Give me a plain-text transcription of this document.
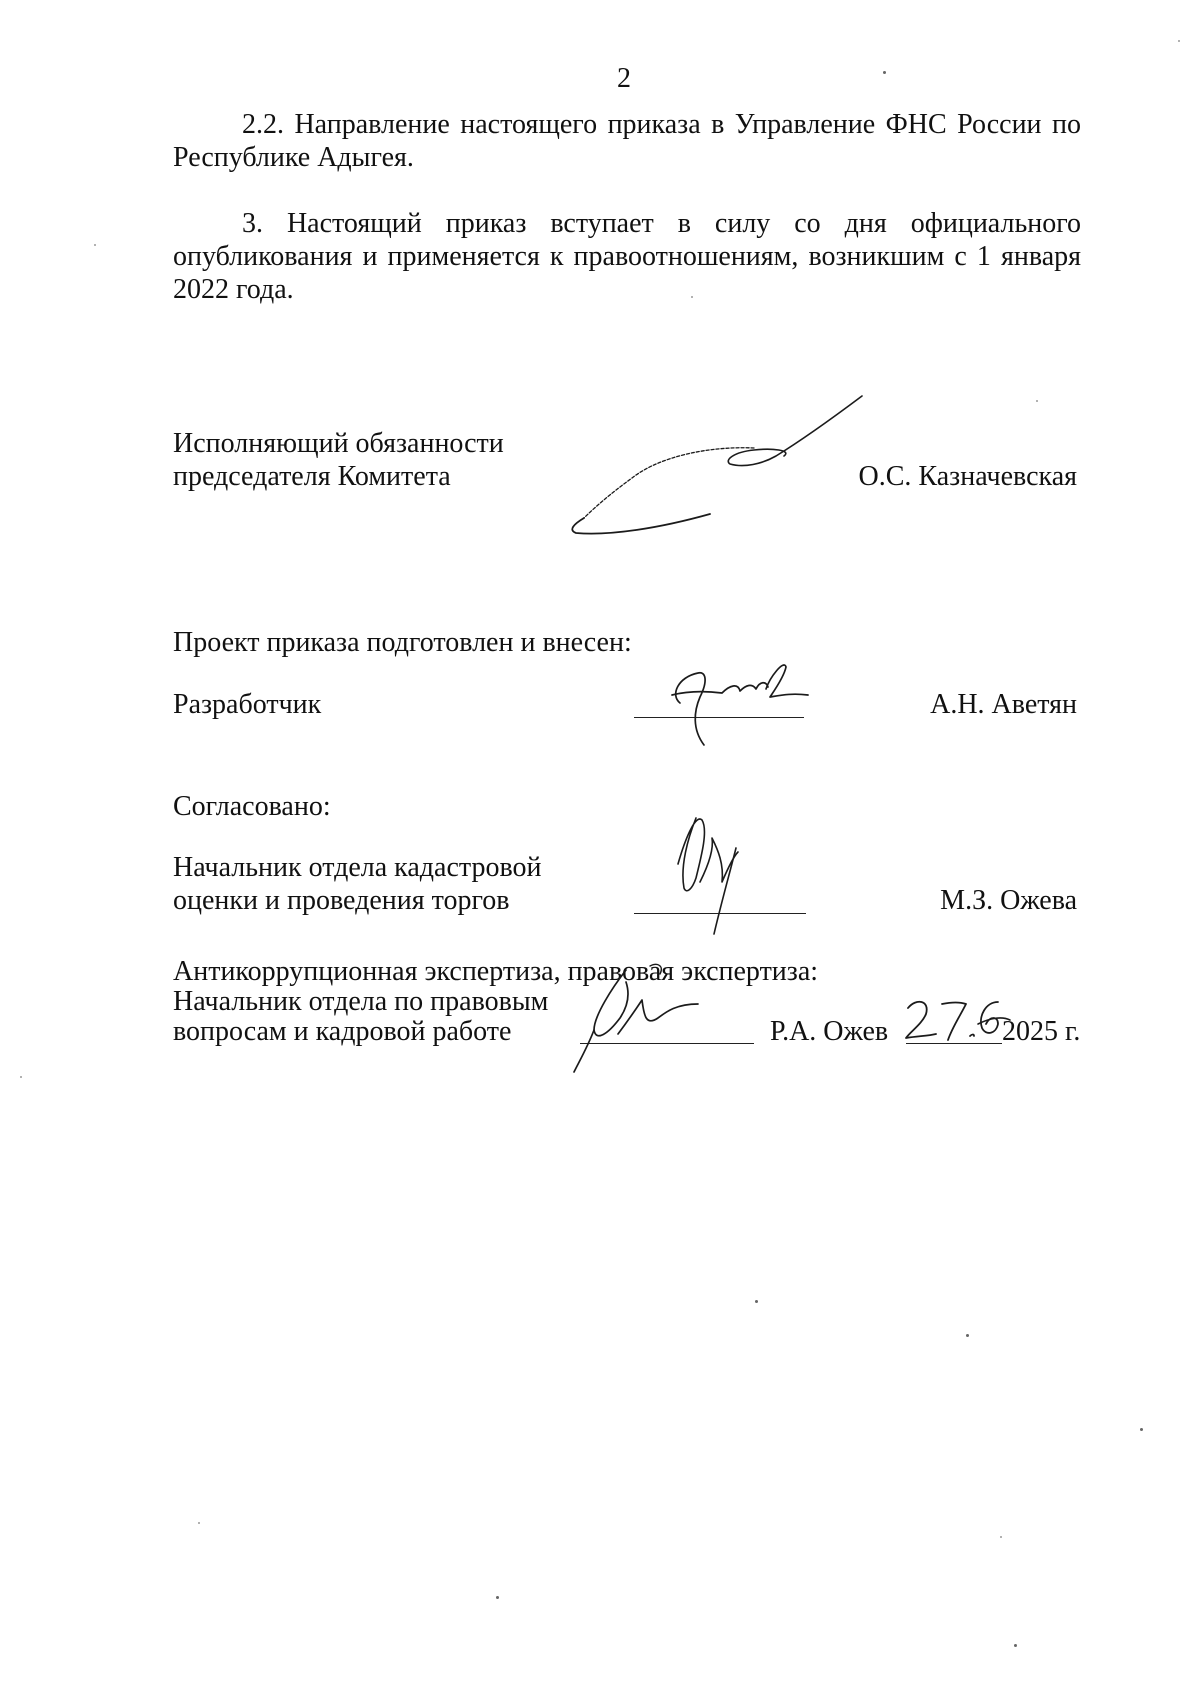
2
2.2. Направление настоящего приказа в Управление ФНС России по
Республике Адыгея.
3. Настоящий приказ вступает в силу со дня официального
опубликования и применяется к правоотношениям, возникшим с 1 января
2022 года.
Исполняющий обязанности
председателя Комитета	О.С. Казначевская
Проект приказа подготовлен и внесен:
Разработчик	А.Н. Аветян
Согласовано:
Начальник отдела кадастровой
оценки и проведения торгов	М.З. Ожева
Антикоррупционная экспертиза, правовая экспертиза:
Начальник отдела по правовым
вопросам и кадровой работе	Р.А. Ожев	2025 г.
